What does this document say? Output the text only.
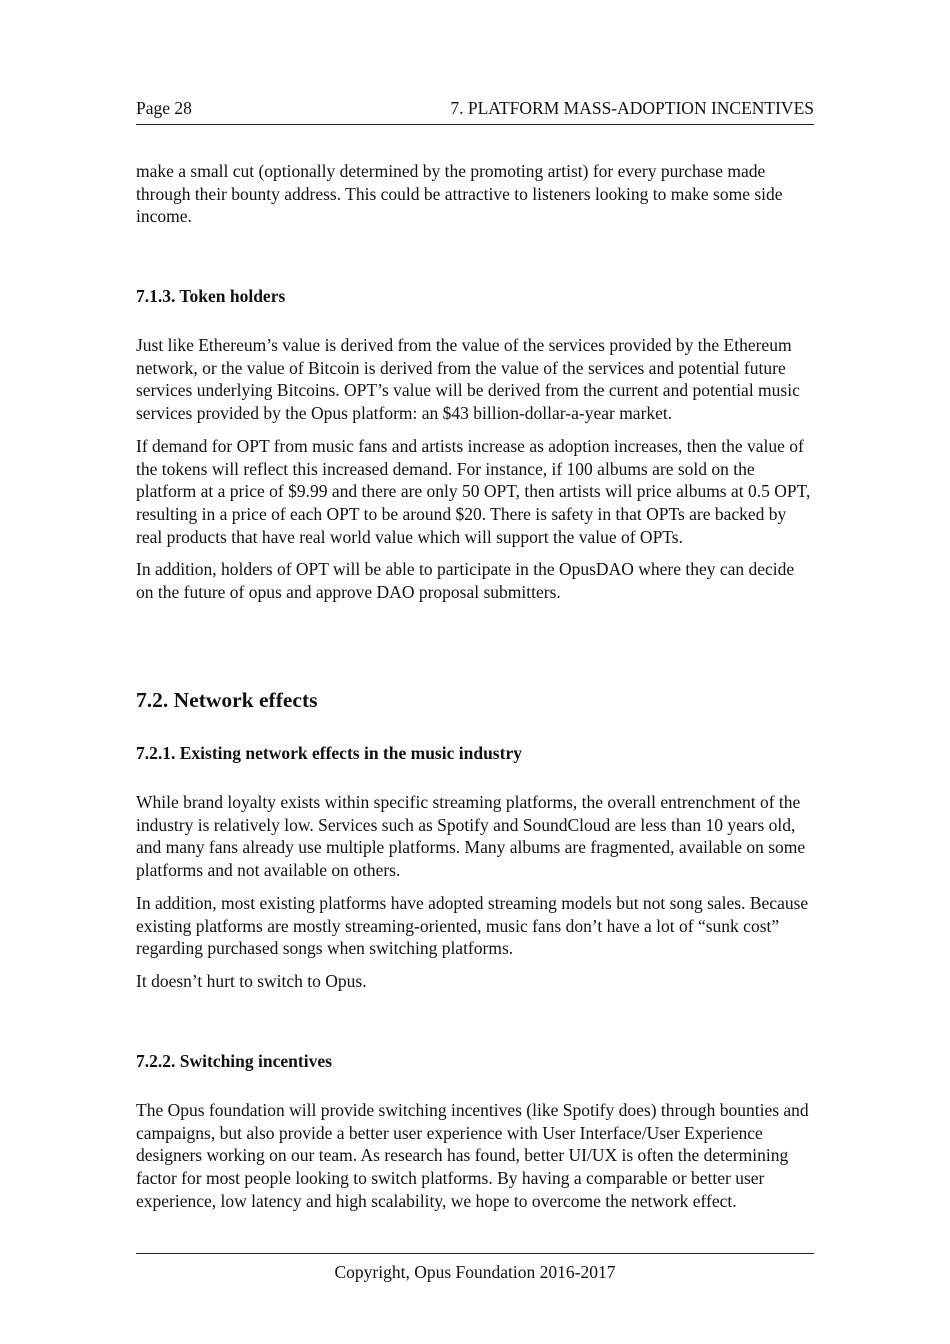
Page 28	7. PLATFORM MASS-ADOPTION INCENTIVES

make a small cut (optionally determined by the promoting artist) for every purchase made through their bounty address. This could be attractive to listeners looking to make some side income.

7.1.3. Token holders

Just like Ethereum’s value is derived from the value of the services provided by the Ethereum network, or the value of Bitcoin is derived from the value of the services and potential future services underlying Bitcoins. OPT’s value will be derived from the current and potential music services provided by the Opus platform: an $43 billion-dollar-a-year market.

If demand for OPT from music fans and artists increase as adoption increases, then the value of the tokens will reflect this increased demand. For instance, if 100 albums are sold on the platform at a price of $9.99 and there are only 50 OPT, then artists will price albums at 0.5 OPT, resulting in a price of each OPT to be around $20. There is safety in that OPTs are backed by real products that have real world value which will support the value of OPTs.

In addition, holders of OPT will be able to participate in the OpusDAO where they can decide on the future of opus and approve DAO proposal submitters.

7.2. Network effects
7.2.1. Existing network effects in the music industry

While brand loyalty exists within specific streaming platforms, the overall entrenchment of the industry is relatively low. Services such as Spotify and SoundCloud are less than 10 years old, and many fans already use multiple platforms. Many albums are fragmented, available on some platforms and not available on others.

In addition, most existing platforms have adopted streaming models but not song sales. Because existing platforms are mostly streaming-oriented, music fans don’t have a lot of “sunk cost” regarding purchased songs when switching platforms.

It doesn’t hurt to switch to Opus.

7.2.2. Switching incentives

The Opus foundation will provide switching incentives (like Spotify does) through bounties and campaigns, but also provide a better user experience with User Interface/User Experience designers working on our team. As research has found, better UI/UX is often the determining factor for most people looking to switch platforms. By having a comparable or better user experience, low latency and high scalability, we hope to overcome the network effect.

Copyright, Opus Foundation 2016-2017
